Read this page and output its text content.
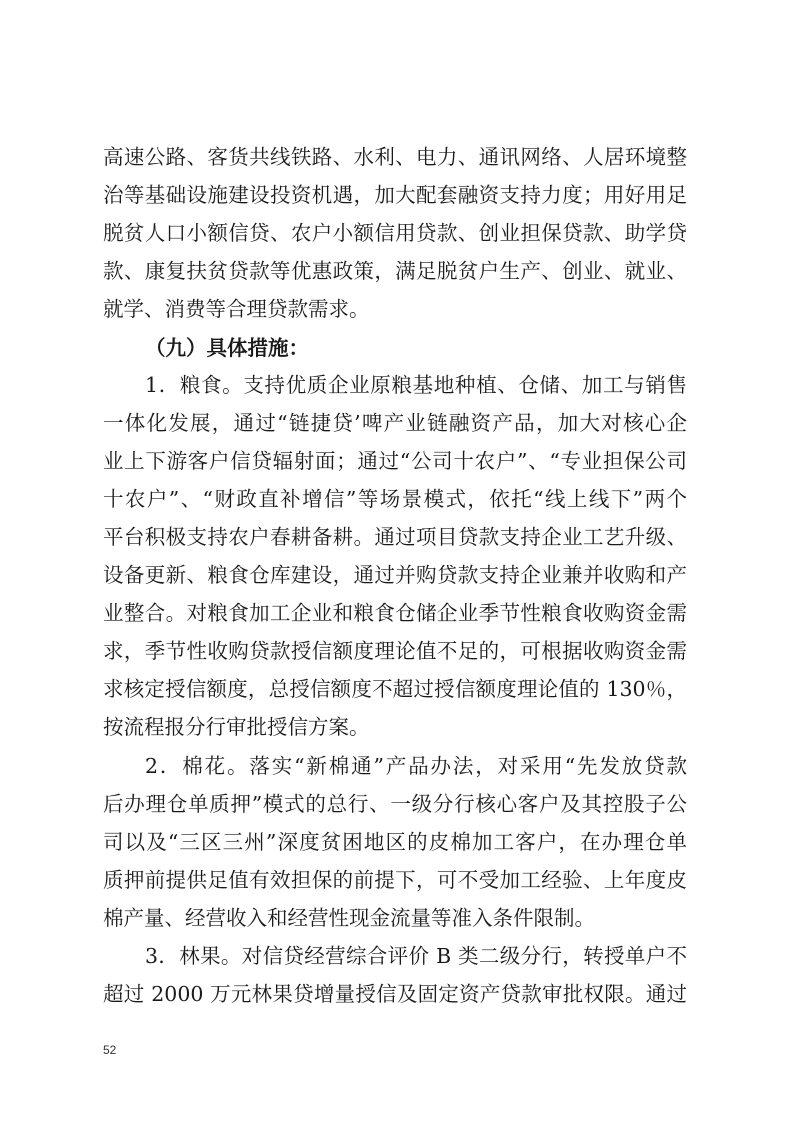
高速公路、客货共线铁路、水利、电力、通讯网络、人居环境整
治等基础设施建设投资机遇，加大配套融资支持力度；用好用足
脱贫人口小额信贷、农户小额信用贷款、创业担保贷款、助学贷
款、康复扶贫贷款等优惠政策，满足脱贫户生产、创业、就业、
就学、消费等合理贷款需求。
（九）具体措施：
1．粮食。支持优质企业原粮基地种植、仓储、加工与销售
一体化发展，通过“链捷贷’啤产业链融资产品，加大对核心企
业上下游客户信贷辐射面；通过“公司十农户”、“专业担保公司
十农户”、“财政直补增信”等场景模式，依托“线上线下”两个
平台积极支持农户春耕备耕。通过项目贷款支持企业工艺升级、
设备更新、粮食仓库建设，通过并购贷款支持企业兼并收购和产
业整合。对粮食加工企业和粮食仓储企业季节性粮食收购资金需
求，季节性收购贷款授信额度理论值不足的，可根据收购资金需
求核定授信额度，总授信额度不超过授信额度理论值的 130％，
按流程报分行审批授信方案。
2．棉花。落实“新棉通”产品办法，对采用“先发放贷款
后办理仓单质押”模式的总行、一级分行核心客户及其控股子公
司以及“三区三州”深度贫困地区的皮棉加工客户，在办理仓单
质押前提供足值有效担保的前提下，可不受加工经验、上年度皮
棉产量、经营收入和经营性现金流量等准入条件限制。
3．林果。对信贷经营综合评价 B 类二级分行，转授单户不
超过 2000 万元林果贷增量授信及固定资产贷款审批权限。通过
52
